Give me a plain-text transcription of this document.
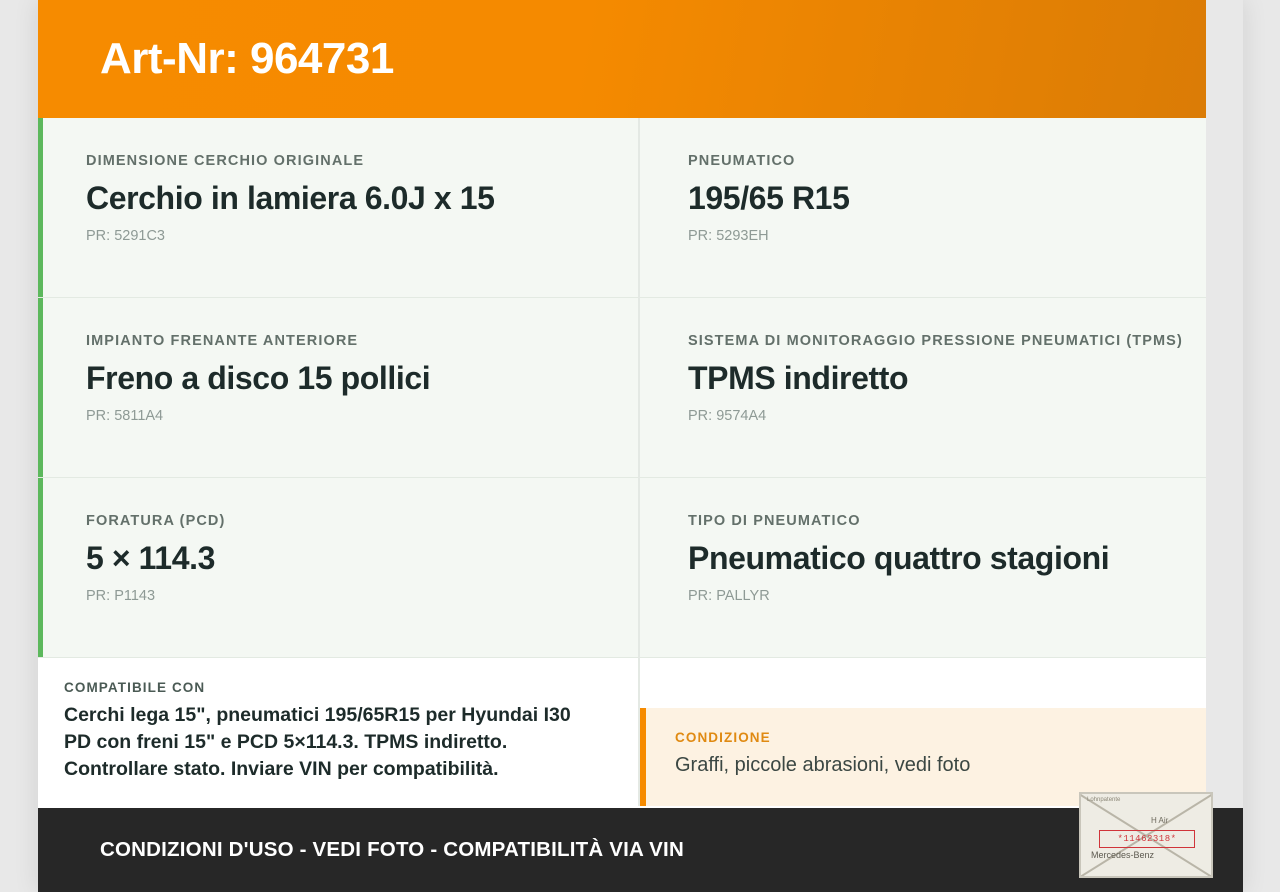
Art-Nr: 964731
DIMENSIONE CERCHIO ORIGINALE
Cerchio in lamiera 6.0J x 15
PR: 5291C3
IMPIANTO FRENANTE ANTERIORE
Freno a disco 15 pollici
PR: 5811A4
FORATURA (PCD)
5 × 114.3
PR: P1143
COMPATIBILE CON
Cerchi lega 15", pneumatici 195/65R15 per Hyundai I30 PD con freni 15" e PCD 5×114.3. TPMS indiretto. Controllare stato. Inviare VIN per compatibilità.
PNEUMATICO
195/65 R15
PR: 5293EH
SISTEMA DI MONITORAGGIO PRESSIONE PNEUMATICI (TPMS)
TPMS indiretto
PR: 9574A4
TIPO DI PNEUMATICO
Pneumatico quattro stagioni
PR: PALLYR
CONDIZIONE
Graffi, piccole abrasioni, vedi foto
CONDIZIONI D'USO - VEDI FOTO - COMPATIBILITÀ VIA VIN
Lohnpatente
H Air
*11462318*
Mercedes-Benz
